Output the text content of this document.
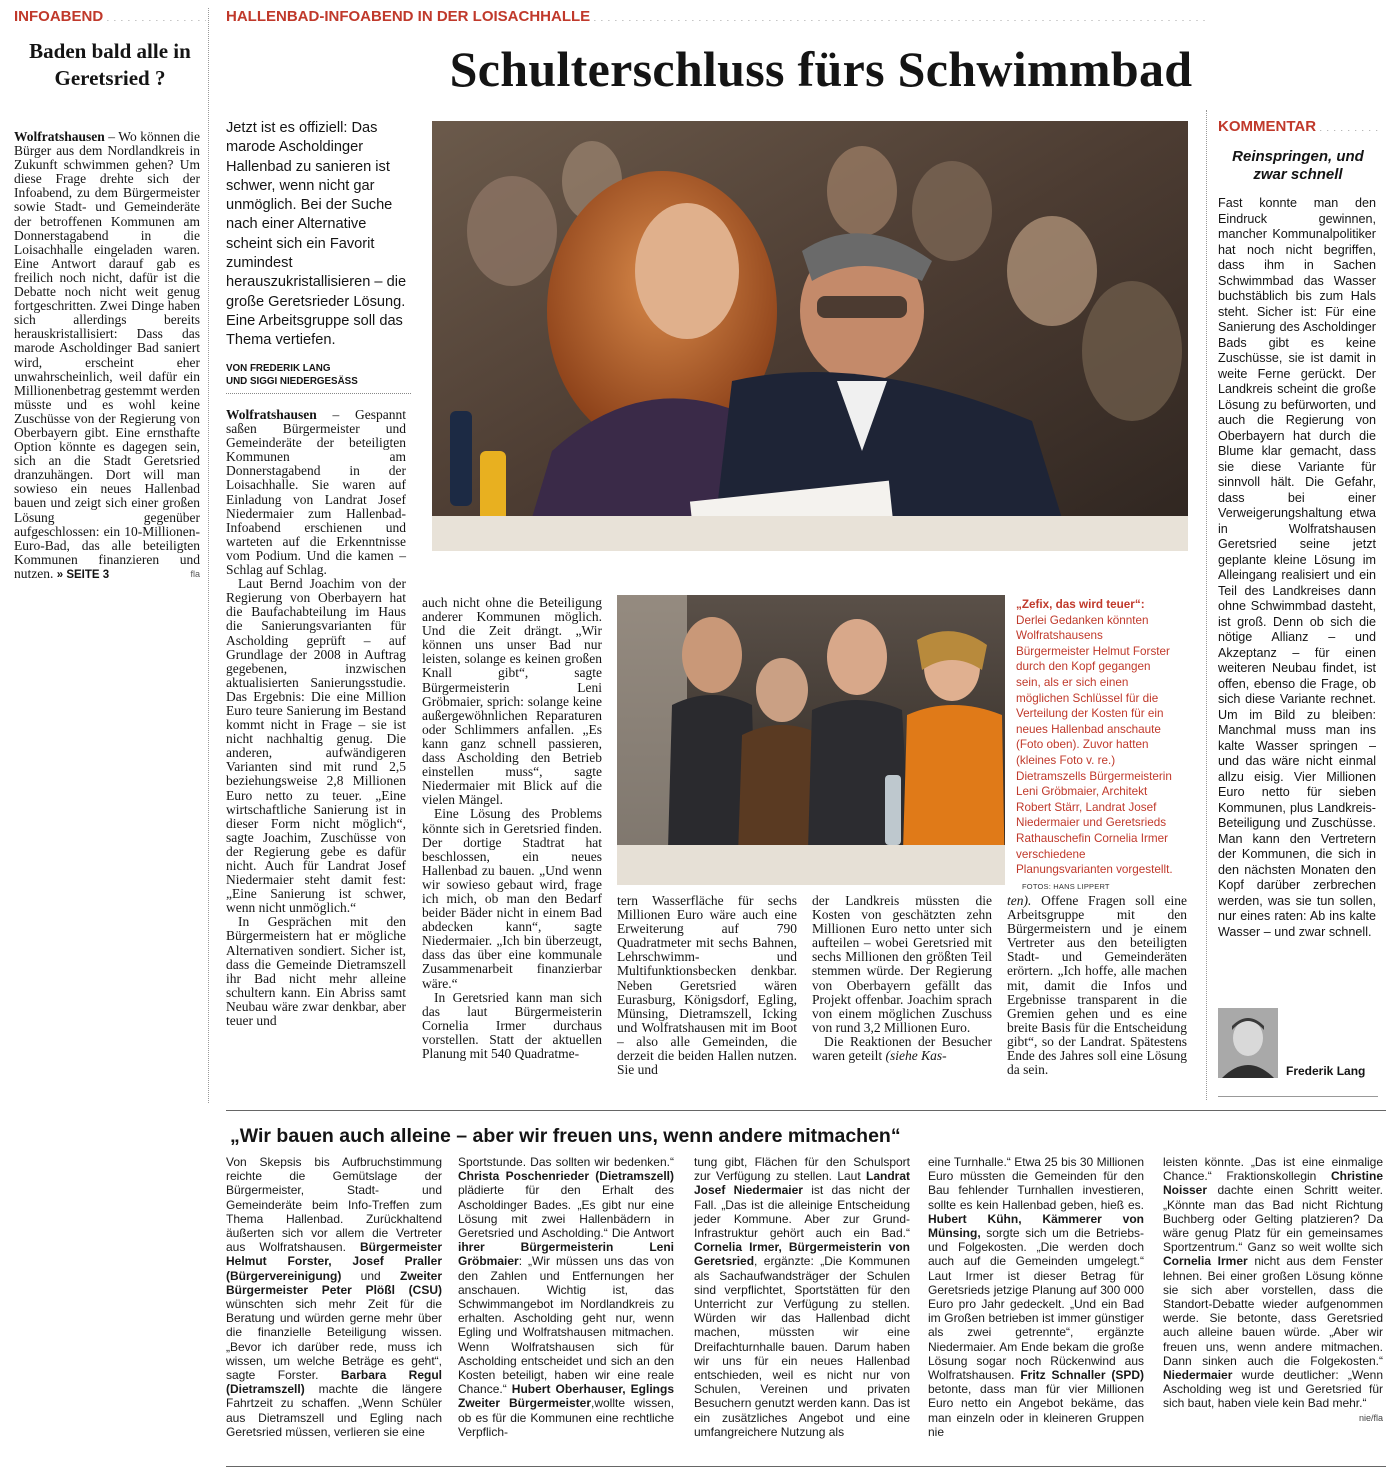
INFOABEND . . .
Baden bald alle in Geretsried ?

Wolfratshausen – Wo können die Bürger aus dem Nordlandkreis in Zukunft schwimmen gehen? Um diese Frage drehte sich der Infoabend, zu dem Bürgermeister sowie Stadt- und Gemeinderäte der betroffenen Kommunen am Donnerstagabend in die Loisachhalle eingeladen waren. Eine Antwort darauf gab es freilich noch nicht, dafür ist die Debatte noch nicht weit genug fortgeschritten. Zwei Dinge haben sich allerdings bereits herauskristallisiert: Dass das marode Ascholdinger Bad saniert wird, erscheint eher unwahrscheinlich, weil dafür ein Millionenbetrag gestemmt werden müsste und es wohl keine Zuschüsse von der Regierung von Oberbayern gibt. Eine ernsthafte Option könnte es dagegen sein, sich an die Stadt Geretsried dranzuhängen. Dort will man sowieso ein neues Hallenbad bauen und zeigt sich einer großen Lösung gegenüber aufgeschlossen: ein 10-Millionen-Euro-Bad, das alle beteiligten Kommunen finanzieren und nutzen. » SEITE 3	fla

HALLENBAD-INFOABEND IN DER LOISACHHALLE . . .
Schulterschluss fürs Schwimmbad
Jetzt ist es offiziell: Das marode Ascholdinger Hallenbad zu sanieren ist schwer, wenn nicht gar unmöglich. Bei der Suche nach einer Alternative scheint sich ein Favorit zumindest herauszukristallisieren – die große Geretsrieder Lösung. Eine Arbeitsgruppe soll das Thema vertiefen.
VON FREDERIK LANG
UND SIGGI NIEDERGESÄSS
„Zefix, das wird teuer“: Derlei Gedanken könnten Wolfratshausens Bürgermeister Helmut Forster durch den Kopf gegangen sein, als er sich einen möglichen Schlüssel für die Verteilung der Kosten für ein neues Hallenbad anschaute (Foto oben). Zuvor hatten (kleines Foto v. re.) Dietramszells Bürgermeisterin Leni Gröbmaier, Architekt Robert Stärr, Landrat Josef Niedermaier und Geretsrieds Rathauschefin Cornelia Irmer verschiedene Planungsvarianten vorgestellt. FOTOS: HANS LIPPERT

Wolfratshausen – Gespannt saßen Bürgermeister und Gemeinderäte der beteiligten Kommunen am Donnerstagabend in der Loisachhalle. Sie waren auf Einladung von Landrat Josef Niedermaier zum Hallenbad-Infoabend erschienen und warteten auf die Erkenntnisse vom Podium. Und die kamen – Schlag auf Schlag.

Laut Bernd Joachim von der Regierung von Oberbayern hat die Baufachabteilung im Haus die Sanierungsvarianten für Ascholding geprüft – auf Grundlage der 2008 in Auftrag gegebenen, inzwischen aktualisierten Sanierungsstudie. Das Ergebnis: Die eine Million Euro teure Sanierung im Bestand kommt nicht in Frage – sie ist nicht nachhaltig genug. Die anderen, aufwändigeren Varianten sind mit rund 2,5 beziehungsweise 2,8 Millionen Euro netto zu teuer. „Eine wirtschaftliche Sanierung ist in dieser Form nicht möglich“, sagte Joachim, Zuschüsse von der Regierung gebe es dafür nicht. Auch für Landrat Josef Niedermaier steht damit fest: „Eine Sanierung ist schwer, wenn nicht unmöglich.“

In Gesprächen mit den Bürgermeistern hat er mögliche Alternativen sondiert. Sicher ist, dass die Gemeinde Dietramszell ihr Bad nicht mehr alleine schultern kann. Ein Abriss samt Neubau wäre zwar denkbar, aber teuer und

auch nicht ohne die Beteiligung anderer Kommunen möglich. Und die Zeit drängt. „Wir können uns unser Bad nur leisten, solange es keinen großen Knall gibt“, sagte Bürgermeisterin Leni Gröbmaier, sprich: solange keine außergewöhnlichen Reparaturen oder Schlimmers anfallen. „Es kann ganz schnell passieren, dass Ascholding den Betrieb einstellen muss“, sagte Niedermaier mit Blick auf die vielen Mängel.

Eine Lösung des Problems könnte sich in Geretsried finden. Der dortige Stadtrat hat beschlossen, ein neues Hallenbad zu bauen. „Und wenn wir sowieso gebaut wird, frage ich mich, ob man den Bedarf beider Bäder nicht in einem Bad abdecken kann“, sagte Niedermaier. „Ich bin überzeugt, dass das über eine kommunale Zusammenarbeit finanzierbar wäre.“

In Geretsried kann man sich das laut Bürgermeisterin Cornelia Irmer durchaus vorstellen. Statt der aktuellen Planung mit 540 Quadratme-

tern Wasserfläche für sechs Millionen Euro wäre auch eine Erweiterung auf 790 Quadratmeter mit sechs Bahnen, Lehrschwimm- und Multifunktionsbecken denkbar. Neben Geretsried wären Eurasburg, Königsdorf, Egling, Münsing, Dietramszell, Icking und Wolfratshausen mit im Boot – also alle Gemeinden, die derzeit die beiden Hallen nutzen. Sie und

der Landkreis müssten die Kosten von geschätzten zehn Millionen Euro netto unter sich aufteilen – wobei Geretsried mit sechs Millionen den größten Teil stemmen würde. Der Regierung von Oberbayern gefällt das Projekt offenbar. Joachim sprach von einem möglichen Zuschuss von rund 3,2 Millionen Euro.

Die Reaktionen der Besucher waren geteilt (siehe Kas-

ten). Offene Fragen soll eine Arbeitsgruppe mit den Bürgermeistern und je einem Vertreter aus den beteiligten Stadt- und Gemeinderäten erörtern. „Ich hoffe, alle machen mit, damit die Infos und Ergebnisse transparent in die Gremien gehen und es eine breite Basis für die Entscheidung gibt“, so der Landrat. Spätestens Ende des Jahres soll eine Lösung da sein.

KOMMENTAR . . .
Reinspringen, und zwar schnell
Fast konnte man den Eindruck gewinnen, mancher Kommunalpolitiker hat noch nicht begriffen, dass ihm in Sachen Schwimmbad das Wasser buchstäblich bis zum Hals steht. Sicher ist: Für eine Sanierung des Ascholdinger Bads gibt es keine Zuschüsse, sie ist damit in weite Ferne gerückt. Der Landkreis scheint die große Lösung zu befürworten, und auch die Regierung von Oberbayern hat durch die Blume klar gemacht, dass sie diese Variante für sinnvoll hält. Die Gefahr, dass bei einer Verweigerungshaltung etwa in Wolfratshausen Geretsried seine jetzt geplante kleine Lösung im Alleingang realisiert und ein Teil des Landkreises dann ohne Schwimmbad dasteht, ist groß. Denn ob sich die nötige Allianz – und Akzeptanz – für einen weiteren Neubau findet, ist offen, ebenso die Frage, ob sich diese Variante rechnet. Um im Bild zu bleiben: Manchmal muss man ins kalte Wasser springen – und das wäre nicht einmal allzu eisig. Vier Millionen Euro netto für sieben Kommunen, plus Landkreis-Beteiligung und Zuschüsse. Man kann den Vertretern der Kommunen, die sich in den nächsten Monaten den Kopf darüber zerbrechen werden, was sie tun sollen, nur eines raten: Ab ins kalte Wasser – und zwar schnell.
Frederik Lang
„Wir bauen auch alleine – aber wir freuen uns, wenn andere mitmachen“

Von Skepsis bis Aufbruchstimmung reichte die Gemütslage der Bürgermeister, Stadt- und Gemeinderäte beim Info-Treffen zum Thema Hallenbad. Zurückhaltend äußerten sich vor allem die Vertreter aus Wolfratshausen. Bürgermeister Helmut Forster, Josef Praller (Bürgervereinigung) und Zweiter Bürgermeister Peter Plößl (CSU) wünschten sich mehr Zeit für die Beratung und würden gerne mehr über die finanzielle Beteiligung wissen. „Bevor ich darüber rede, muss ich wissen, um welche Beträge es geht“, sagte Forster. Barbara Regul (Dietramszell) machte die längere Fahrtzeit zu schaffen. „Wenn Schüler aus Dietramszell und Egling nach Geretsried müssen, verlieren sie eine

Sportstunde. Das sollten wir bedenken.“ Christa Poschenrieder (Dietramszell) plädierte für den Erhalt des Ascholdinger Bades. „Es gibt nur eine Lösung mit zwei Hallenbädern in Geretsried und Ascholding.“ Die Antwort ihrer Bürgermeisterin Leni Gröbmaier: „Wir müssen uns das von den Zahlen und Entfernungen her anschauen. Wichtig ist, das Schwimmangebot im Nordlandkreis zu erhalten. Ascholding geht nur, wenn Egling und Wolfratshausen mitmachen. Wenn Wolfratshausen sich für Ascholding entscheidet und sich an den Kosten beteiligt, haben wir eine reale Chance.“ Hubert Oberhauser, Eglings Zweiter Bürgermeister,wollte wissen, ob es für die Kommunen eine rechtliche Verpflich-

tung gibt, Flächen für den Schulsport zur Verfügung zu stellen. Laut Landrat Josef Niedermaier ist das nicht der Fall. „Das ist die alleinige Entscheidung jeder Kommune. Aber zur Grund-Infrastruktur gehört auch ein Bad.“ Cornelia Irmer, Bürgermeisterin von Geretsried, ergänzte: „Die Kommunen als Sachaufwandsträger der Schulen sind verpflichtet, Sportstätten für den Unterricht zur Verfügung zu stellen. Würden wir das Hallenbad dicht machen, müssten wir eine Dreifachturnhalle bauen. Darum haben wir uns für ein neues Hallenbad entschieden, weil es nicht nur von Schulen, Vereinen und privaten Besuchern genutzt werden kann. Das ist ein zusätzliches Angebot und eine umfangreichere Nutzung als

eine Turnhalle.“ Etwa 25 bis 30 Millionen Euro müssten die Gemeinden für den Bau fehlender Turnhallen investieren, sollte es kein Hallenbad geben, hieß es. Hubert Kühn, Kämmerer von Münsing, sorgte sich um die Betriebs- und Folgekosten. „Die werden doch auch auf die Gemeinden umgelegt.“ Laut Irmer ist dieser Betrag für Geretsrieds jetzige Planung auf 300 000 Euro pro Jahr gedeckelt. „Und ein Bad im Großen betrieben ist immer günstiger als zwei getrennte“, ergänzte Niedermaier. Am Ende bekam die große Lösung sogar noch Rückenwind aus Wolfratshausen. Fritz Schnaller (SPD) betonte, dass man für vier Millionen Euro netto ein Angebot bekäme, das man einzeln oder in kleineren Gruppen nie

leisten könnte. „Das ist eine einmalige Chance.“ Fraktionskollegin Christine Noisser dachte einen Schritt weiter. „Könnte man das Bad nicht Richtung Buchberg oder Gelting platzieren? Da wäre genug Platz für ein gemeinsames Sportzentrum.“ Ganz so weit wollte sich Cornelia Irmer nicht aus dem Fenster lehnen. Bei einer großen Lösung könne sie sich aber vorstellen, dass die Standort-Debatte wieder aufgenommen werde. Sie betonte, dass Geretsried auch alleine bauen würde. „Aber wir freuen uns, wenn andere mitmachen. Dann sinken auch die Folgekosten.“ Niedermaier wurde deutlicher: „Wenn Ascholding weg ist und Geretsried für sich baut, haben viele kein Bad mehr.“
nie/fla
